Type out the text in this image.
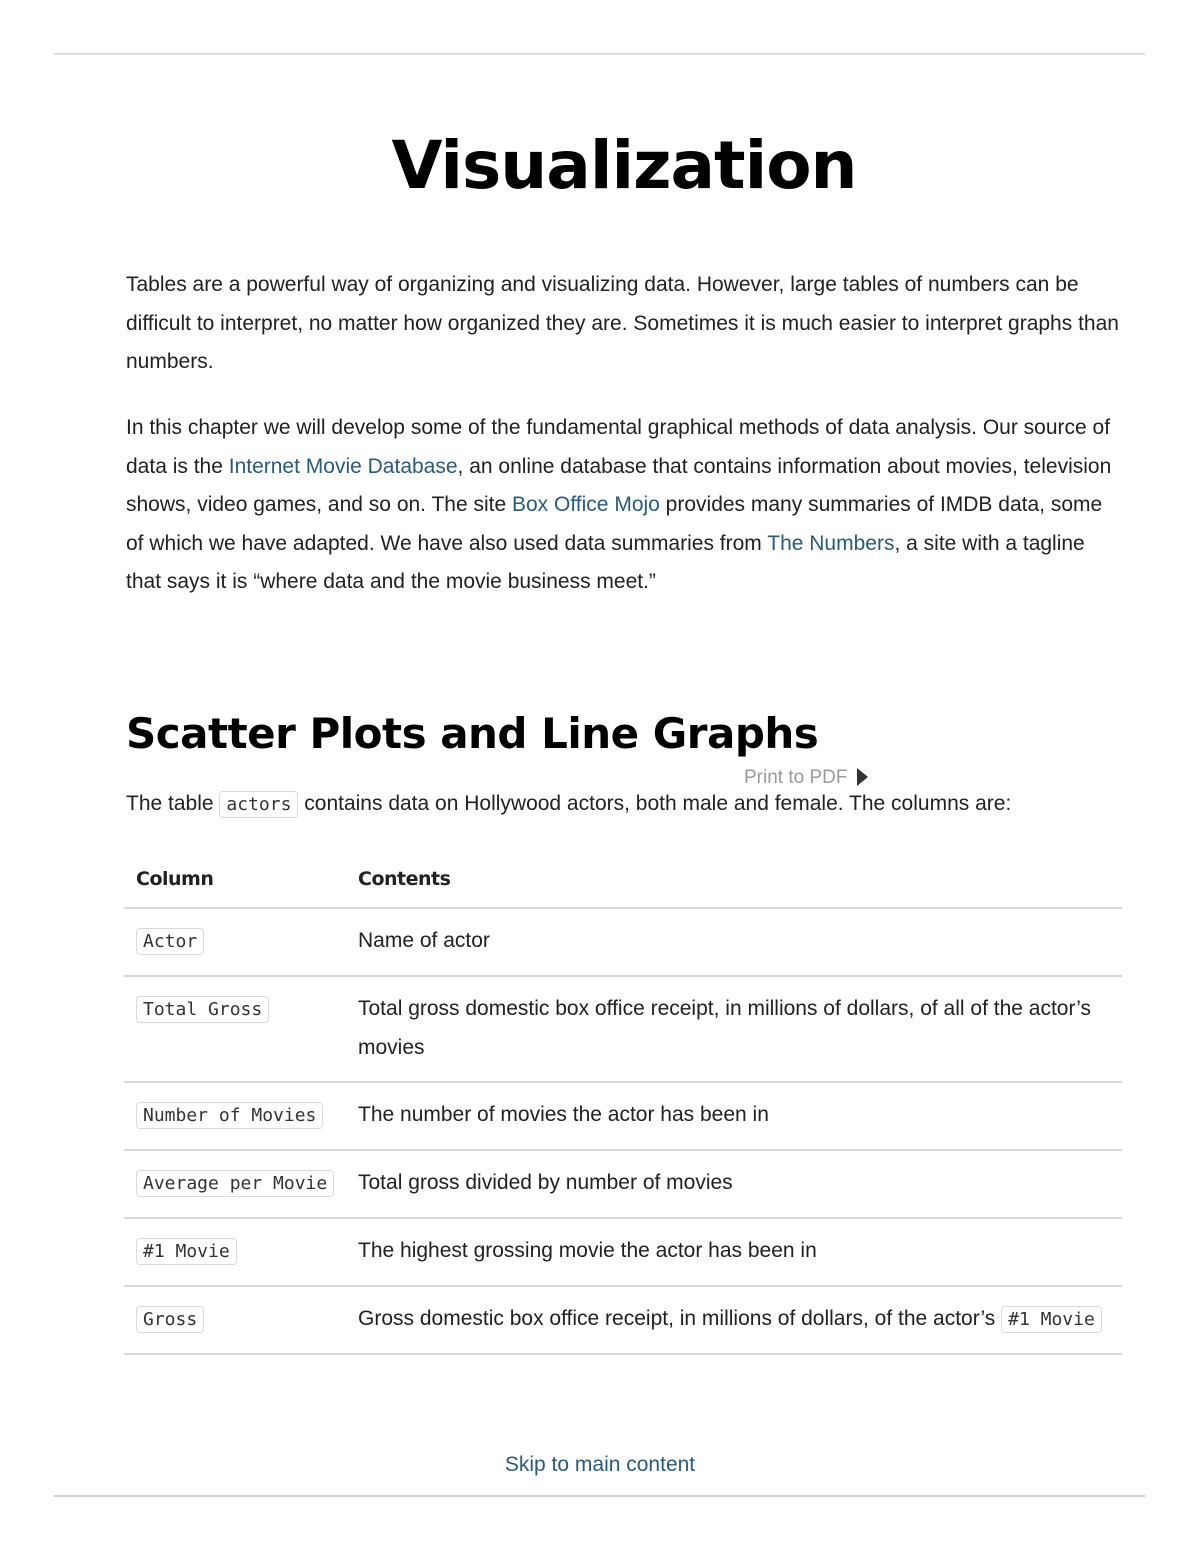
Visualization

Tables are a powerful way of organizing and visualizing data. However, large tables of numbers can be difficult to interpret, no matter how organized they are. Sometimes it is much easier to interpret graphs than numbers.

In this chapter we will develop some of the fundamental graphical methods of data analysis. Our source of data is the Internet Movie Database, an online database that contains information about movies, television shows, video games, and so on. The site Box Office Mojo provides many summaries of IMDB data, some of which we have adapted. We have also used data summaries from The Numbers, a site with a tagline that says it is “where data and the movie business meet.”

Scatter Plots and Line Graphs

The table actors contains data on Hollywood actors, both male and female. The columns are:

Column	Contents
Actor	Name of actor
Total Gross	Total gross domestic box office receipt, in millions of dollars, of all of the actor’s movies
Number of Movies	The number of movies the actor has been in
Average per Movie	Total gross divided by number of movies
#1 Movie	The highest grossing movie the actor has been in
Gross	Gross domestic box office receipt, in millions of dollars, of the actor’s #1 Movie
Print to PDF
Skip to main content
